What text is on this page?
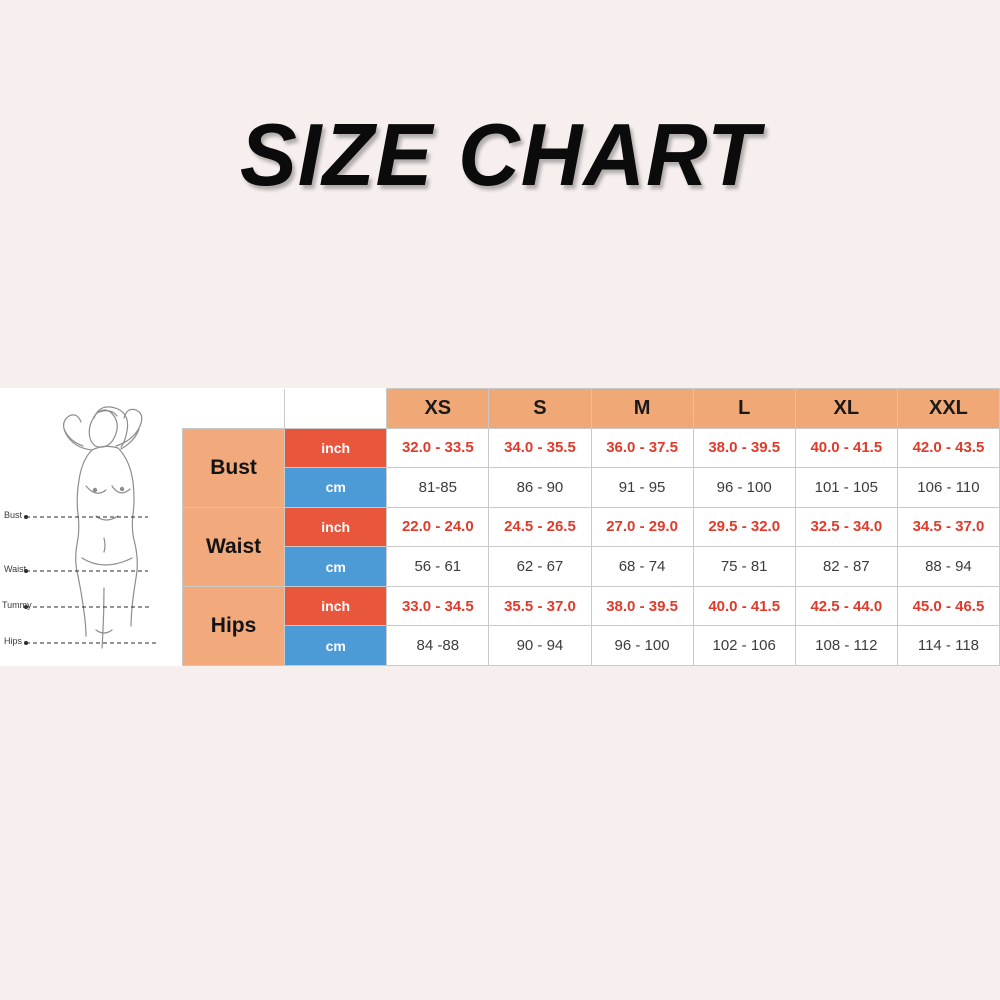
SIZE CHART
Bust
Waist
Tummy
Hips
		XS	S	M	L	XL	XXL
Bust	inch	32.0 - 33.5	34.0 - 35.5	36.0 - 37.5	38.0 - 39.5	40.0 - 41.5	42.0 - 43.5
	cm	81-85	86 - 90	91 - 95	96 - 100	101 - 105	106 - 110
Waist	inch	22.0 - 24.0	24.5 - 26.5	27.0 - 29.0	29.5 - 32.0	32.5 - 34.0	34.5 - 37.0
	cm	56 - 61	62 - 67	68 - 74	75 - 81	82 - 87	88 - 94
Hips	inch	33.0 - 34.5	35.5 - 37.0	38.0 - 39.5	40.0 - 41.5	42.5 - 44.0	45.0 - 46.5
	cm	84 -88	90 - 94	96 - 100	102 - 106	108 - 112	114 - 118
